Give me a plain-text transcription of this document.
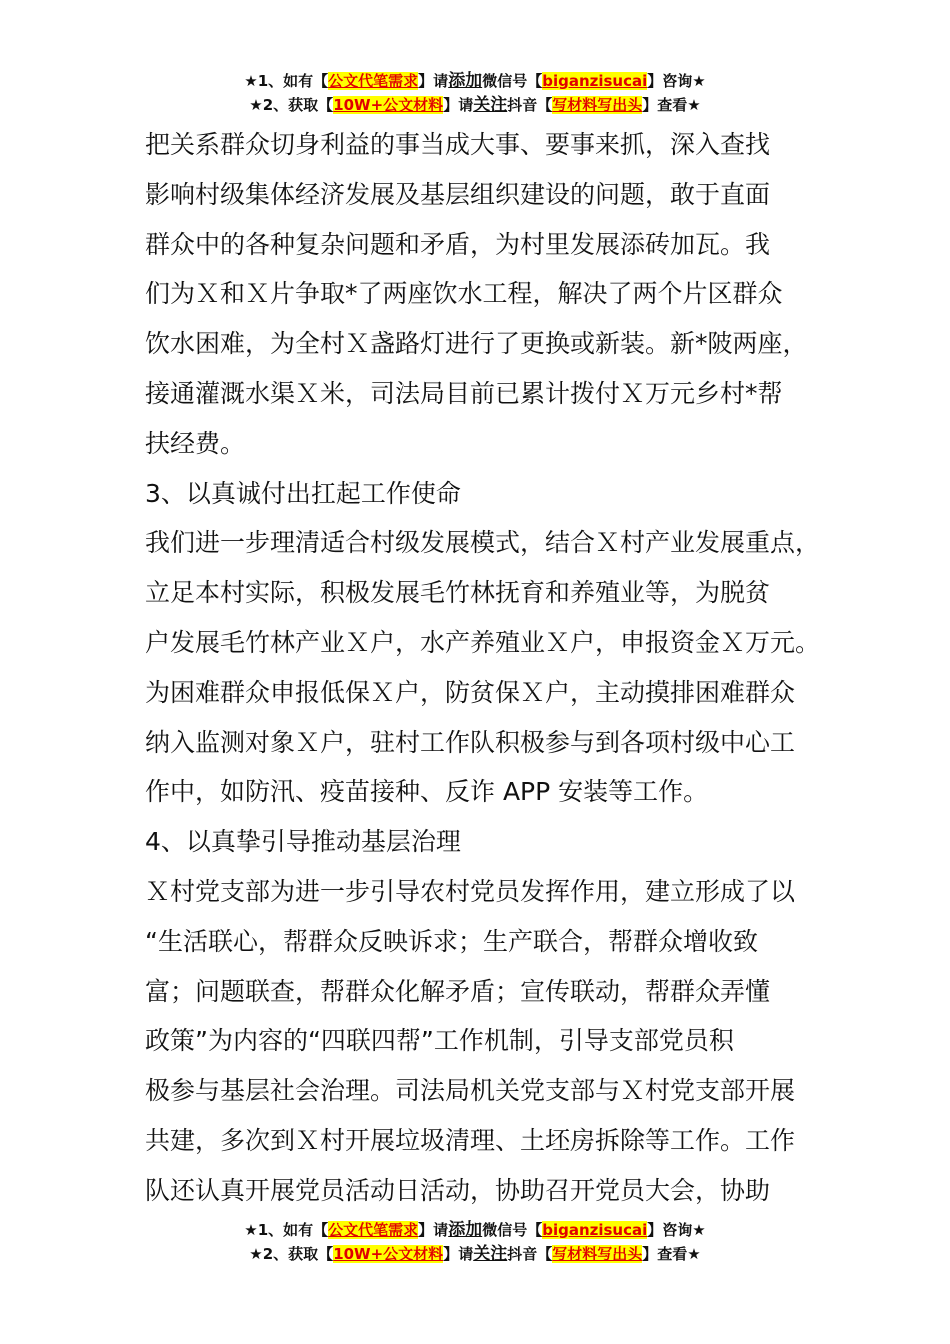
★1、如有【公文代笔需求】请添加微信号【biganzisucai】咨询★
★2、获取【10W+公文材料】请关注抖音【写材料写出头】查看★
把关系群众切身利益的事当成大事、要事来抓，深入查找
影响村级集体经济发展及基层组织建设的问题，敢于直面
群众中的各种复杂问题和矛盾，为村里发展添砖加瓦。我
们为Ｘ和Ｘ片争取*了两座饮水工程，解决了两个片区群众
饮水困难，为全村Ｘ盏路灯进行了更换或新装。新*陂两座，
接通灌溉水渠Ｘ米，司法局目前已累计拨付Ｘ万元乡村*帮
扶经费。
3、以真诚付出扛起工作使命
我们进一步理清适合村级发展模式，结合Ｘ村产业发展重点，
立足本村实际，积极发展毛竹林抚育和养殖业等，为脱贫
户发展毛竹林产业Ｘ户，水产养殖业Ｘ户，申报资金Ｘ万元。
为困难群众申报低保Ｘ户，防贫保Ｘ户，主动摸排困难群众
纳入监测对象Ｘ户，驻村工作队积极参与到各项村级中心工
作中，如防汛、疫苗接种、反诈 APP 安装等工作。
4、以真挚引导推动基层治理
Ｘ村党支部为进一步引导农村党员发挥作用，建立形成了以
“生活联心，帮群众反映诉求；生产联合，帮群众增收致
富；问题联查，帮群众化解矛盾；宣传联动，帮群众弄懂
政策”为内容的“四联四帮”工作机制，引导支部党员积
极参与基层社会治理。司法局机关党支部与Ｘ村党支部开展
共建，多次到Ｘ村开展垃圾清理、土坯房拆除等工作。工作
队还认真开展党员活动日活动，协助召开党员大会，协助
★1、如有【公文代笔需求】请添加微信号【biganzisucai】咨询★
★2、获取【10W+公文材料】请关注抖音【写材料写出头】查看★
